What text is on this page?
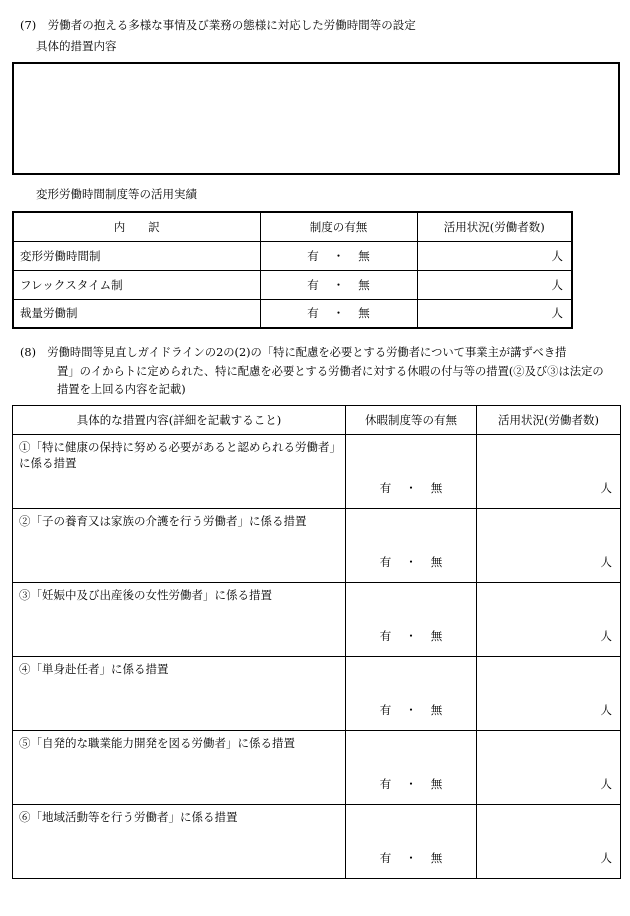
(7)　労働者の抱える多様な事情及び業務の態様に対応した労働時間等の設定
具体的措置内容
変形労働時間制度等の活用実績
内　　訳	制度の有無	活用状況(労働者数)
変形労働時間制	有 ・ 無	人
フレックスタイム制	有 ・ 無	人
裁量労働制	有 ・ 無	人
(8)　労働時間等見直しガイドラインの2の(2)の「特に配慮を必要とする労働者について事業主が講ずべき措
置」のイからトに定められた、特に配慮を必要とする労働者に対する休暇の付与等の措置(②及び③は法定の
措置を上回る内容を記載)
具体的な措置内容(詳細を記載すること)	休暇制度等の有無	活用状況(労働者数)

①「特に健康の保持に努める必要があると認められる労働者」に係る措置	有 ・ 無	人

②「子の養育又は家族の介護を行う労働者」に係る措置	有 ・ 無	人

③「妊娠中及び出産後の女性労働者」に係る措置	有 ・ 無	人

④「単身赴任者」に係る措置	有 ・ 無	人

⑤「自発的な職業能力開発を図る労働者」に係る措置	有 ・ 無	人

⑥「地域活動等を行う労働者」に係る措置	有 ・ 無	人
